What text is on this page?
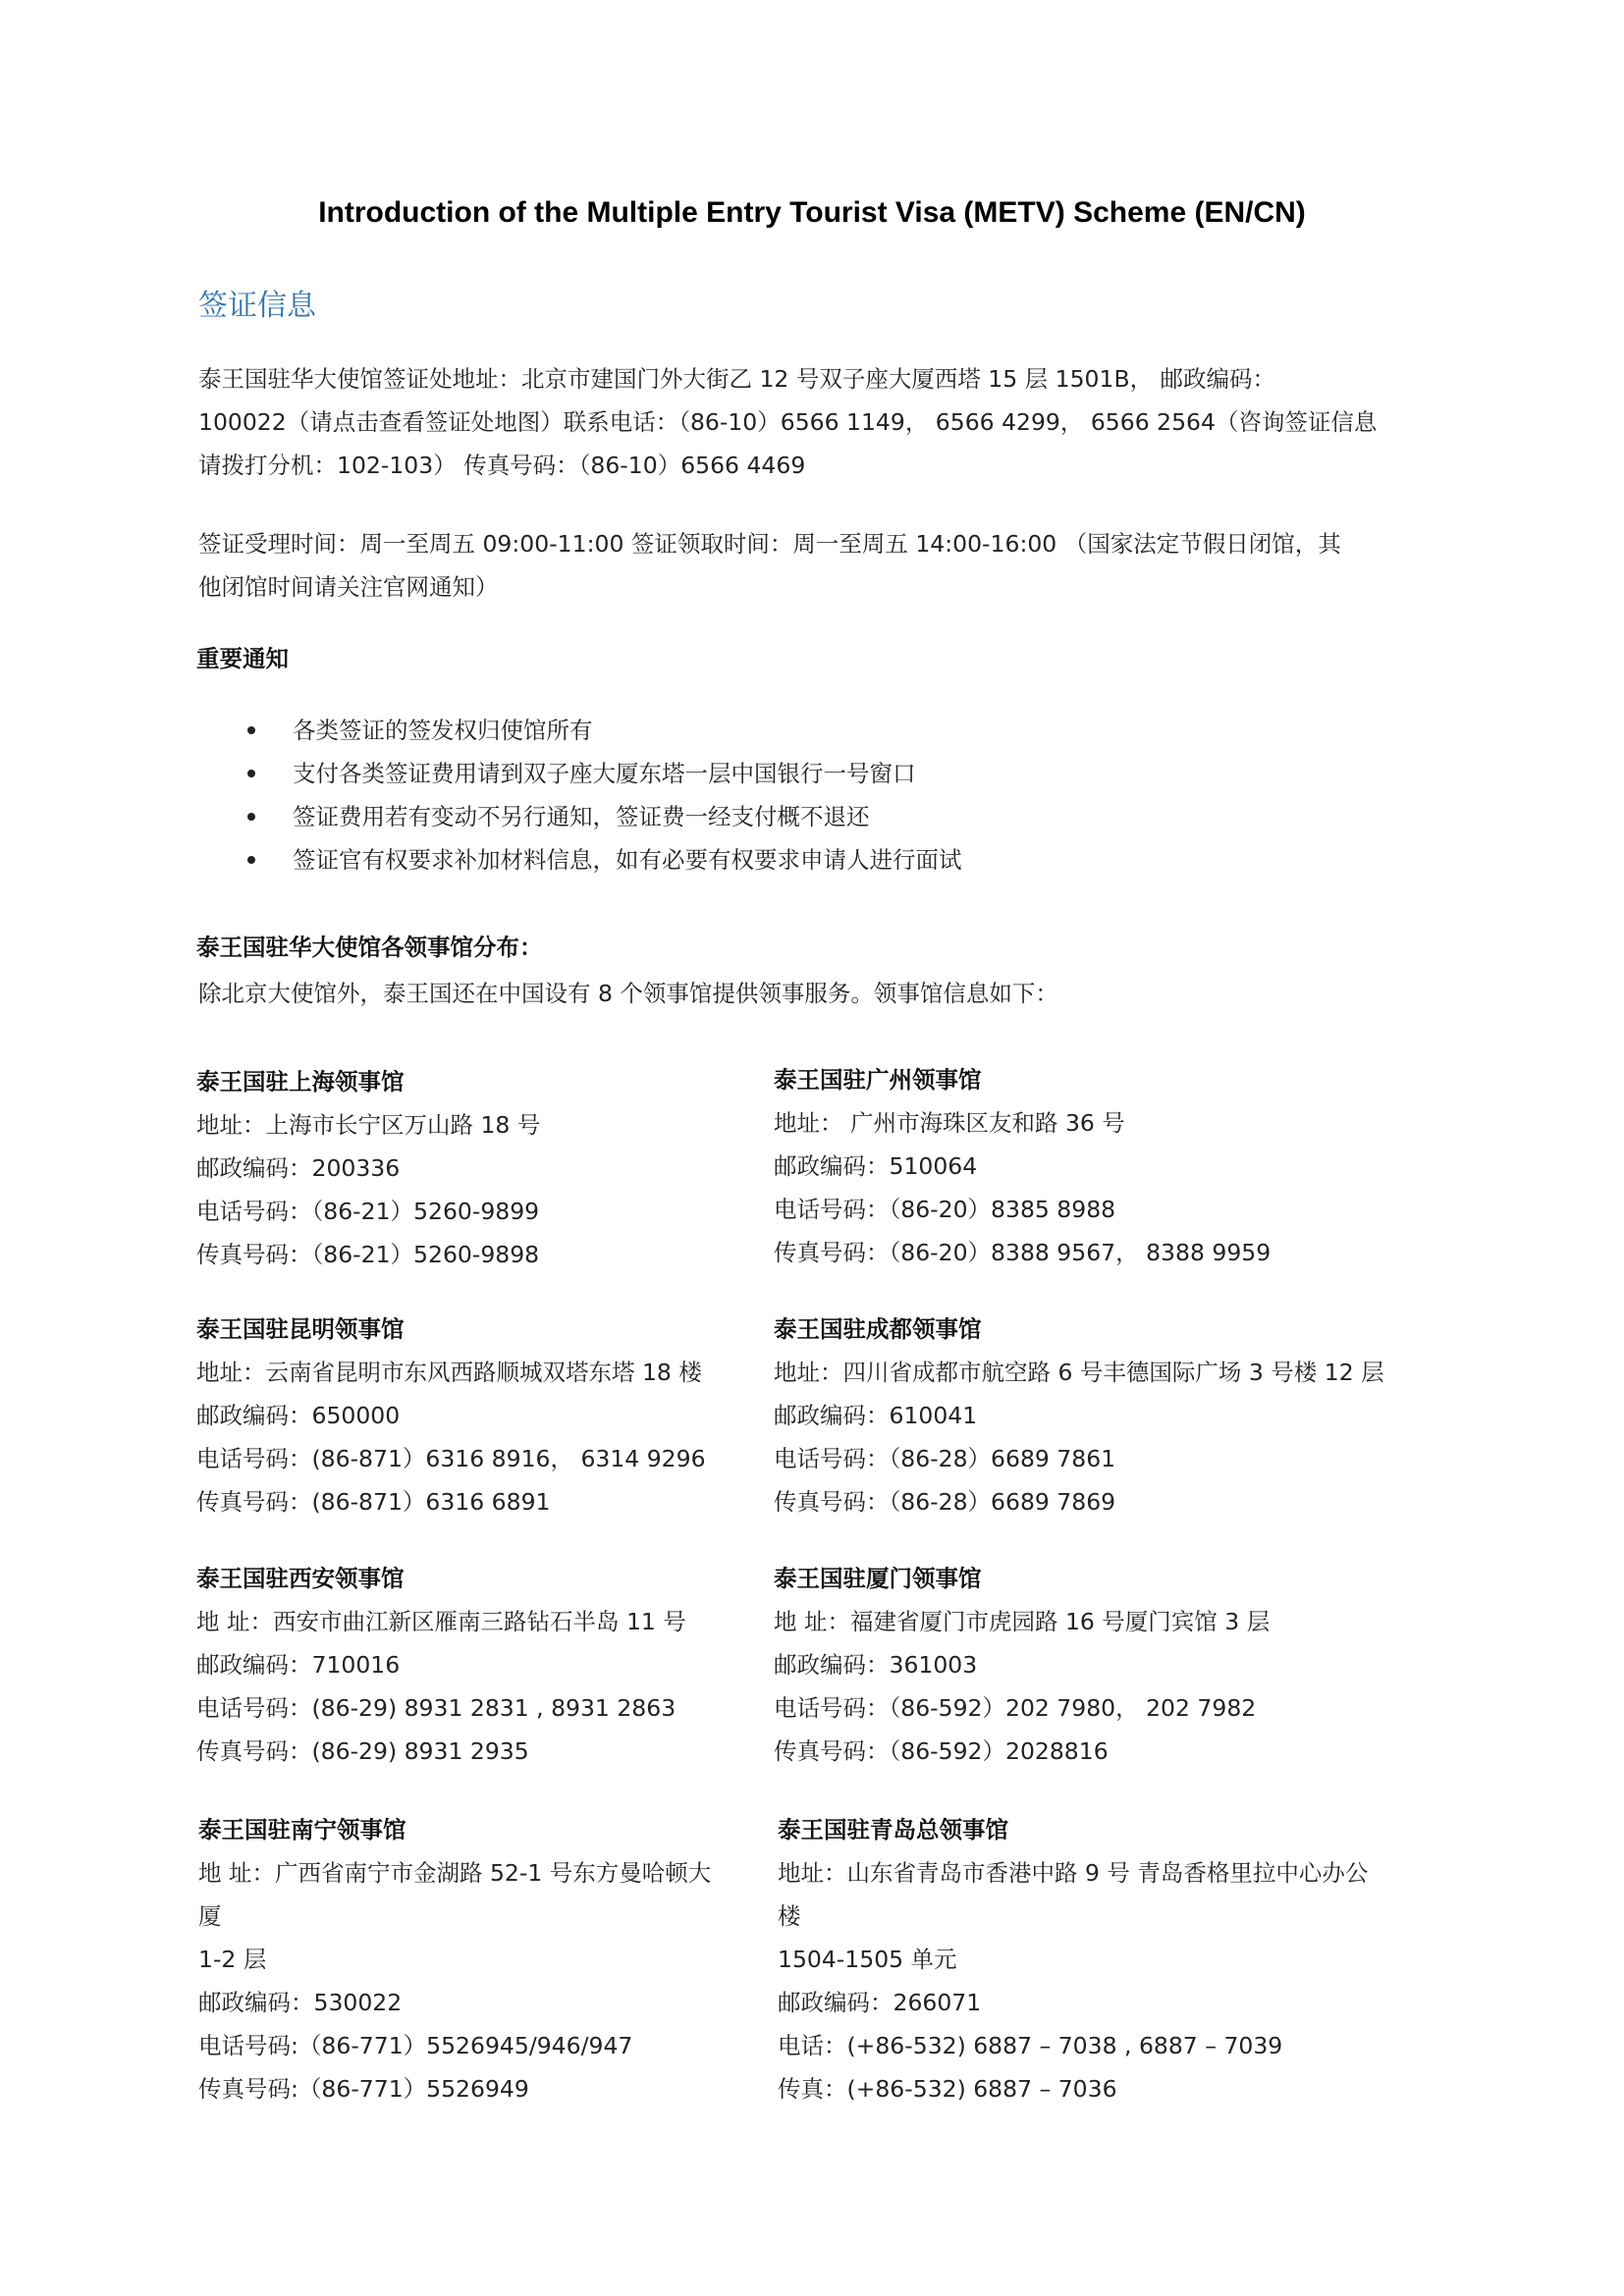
Introduction of the Multiple Entry Tourist Visa (METV) Scheme (EN/CN)
签证信息
泰王国驻华大使馆签证处地址：北京市建国门外大街乙 12 号双子座大厦西塔 15 层 1501B， 邮政编码：
100022（请点击查看签证处地图）联系电话：（86-10）6566 1149， 6566 4299， 6566 2564（咨询签证信息
请拨打分机：102-103） 传真号码：（86-10）6566 4469
签证受理时间：周一至周五 09:00-11:00 签证领取时间：周一至周五 14:00-16:00 （国家法定节假日闭馆，其
他闭馆时间请关注官网通知）
重要通知
各类签证的签发权归使馆所有
支付各类签证费用请到双子座大厦东塔一层中国银行一号窗口
签证费用若有变动不另行通知，签证费一经支付概不退还
签证官有权要求补加材料信息，如有必要有权要求申请人进行面试
泰王国驻华大使馆各领事馆分布：
除北京大使馆外，泰王国还在中国设有 8 个领事馆提供领事服务。领事馆信息如下：
泰王国驻上海领事馆
地址：上海市长宁区万山路 18 号
邮政编码：200336
电话号码：（86-21）5260-9899
传真号码：（86-21）5260-9898
泰王国驻广州领事馆
地址： 广州市海珠区友和路 36 号
邮政编码：510064
电话号码：（86-20）8385 8988
传真号码：（86-20）8388 9567， 8388 9959
泰王国驻昆明领事馆
地址：云南省昆明市东风西路顺城双塔东塔 18 楼
邮政编码：650000
电话号码：(86-871）6316 8916， 6314 9296
传真号码：(86-871）6316 6891
泰王国驻成都领事馆
地址：四川省成都市航空路 6 号丰德国际广场 3 号楼 12 层
邮政编码：610041
电话号码：（86-28）6689 7861
传真号码：（86-28）6689 7869
泰王国驻西安领事馆
地 址：西安市曲江新区雁南三路钻石半岛 11 号
邮政编码：710016
电话号码：(86-29) 8931 2831 , 8931 2863
传真号码：(86-29) 8931 2935
泰王国驻厦门领事馆
地 址：福建省厦门市虎园路 16 号厦门宾馆 3 层
邮政编码：361003
电话号码：（86-592）202 7980， 202 7982
传真号码：（86-592）2028816
泰王国驻南宁领事馆
地 址：广西省南宁市金湖路 52-1 号东方曼哈顿大
厦
1-2 层
邮政编码：530022
电话号码:（86-771）5526945/946/947
传真号码:（86-771）5526949
泰王国驻青岛总领事馆
地址：山东省青岛市香港中路 9 号 青岛香格里拉中心办公
楼
1504-1505 单元
邮政编码：266071
电话：(+86-532) 6887 – 7038 , 6887 – 7039
传真：(+86-532) 6887 – 7036
